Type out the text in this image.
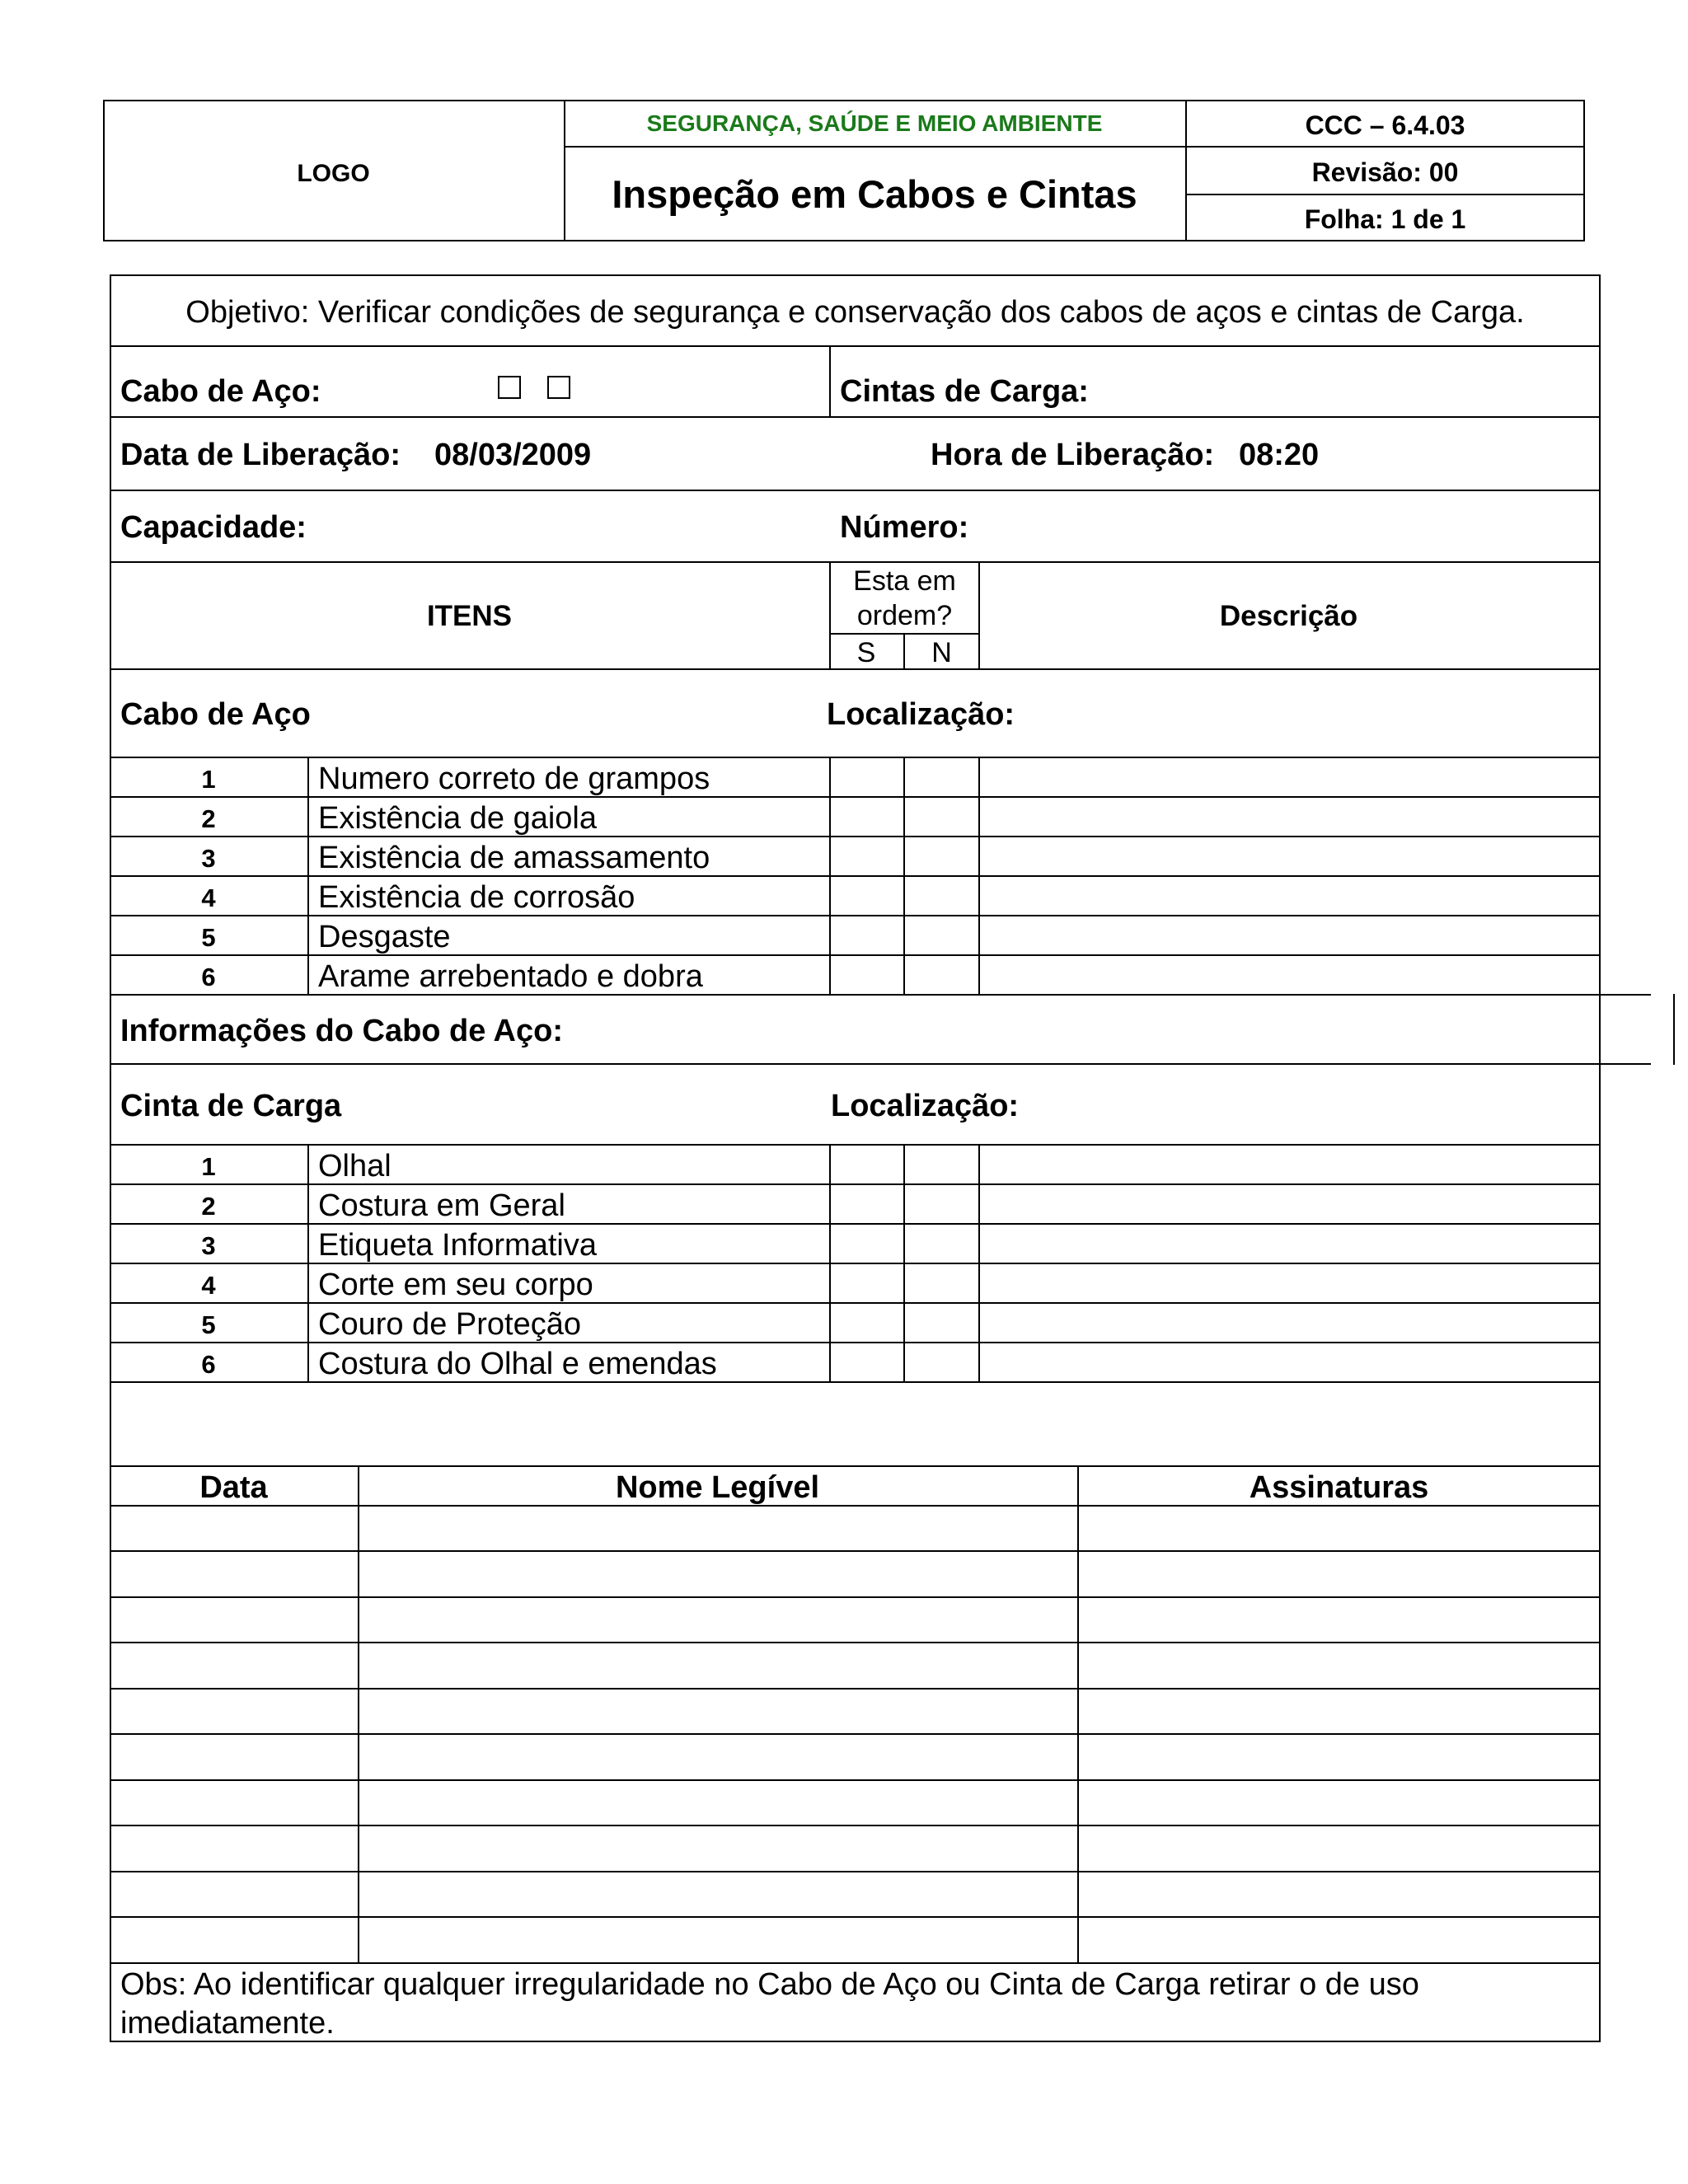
LOGO
SEGURANÇA, SAÚDE E MEIO AMBIENTE
Inspeção em Cabos e Cintas
CCC – 6.4.03
Revisão: 00
Folha: 1 de 1
Objetivo: Verificar condições de segurança e conservação dos cabos de aços e cintas de Carga.
Cabo de Aço:	Cintas de Carga:
Data de Liberação: 08/03/2009	Hora de Liberação: 08:20
Capacidade:	Número:
ITENS
Esta em
ordem?
S	N
Descrição
Cabo de Aço	Localização:
1	Numero correto de grampos
2	Existência de gaiola
3	Existência de amassamento
4	Existência de corrosão
5	Desgaste
6	Arame arrebentado e dobra
Informações do Cabo de Aço:
Cinta de Carga	Localização:
1	Olhal
2	Costura em Geral
3	Etiqueta Informativa
4	Corte em seu corpo
5	Couro de Proteção
6	Costura do Olhal e emendas
Data	Nome Legível	Assinaturas
Obs: Ao identificar qualquer irregularidade no Cabo de Aço ou Cinta de Carga retirar o de uso
imediatamente.
